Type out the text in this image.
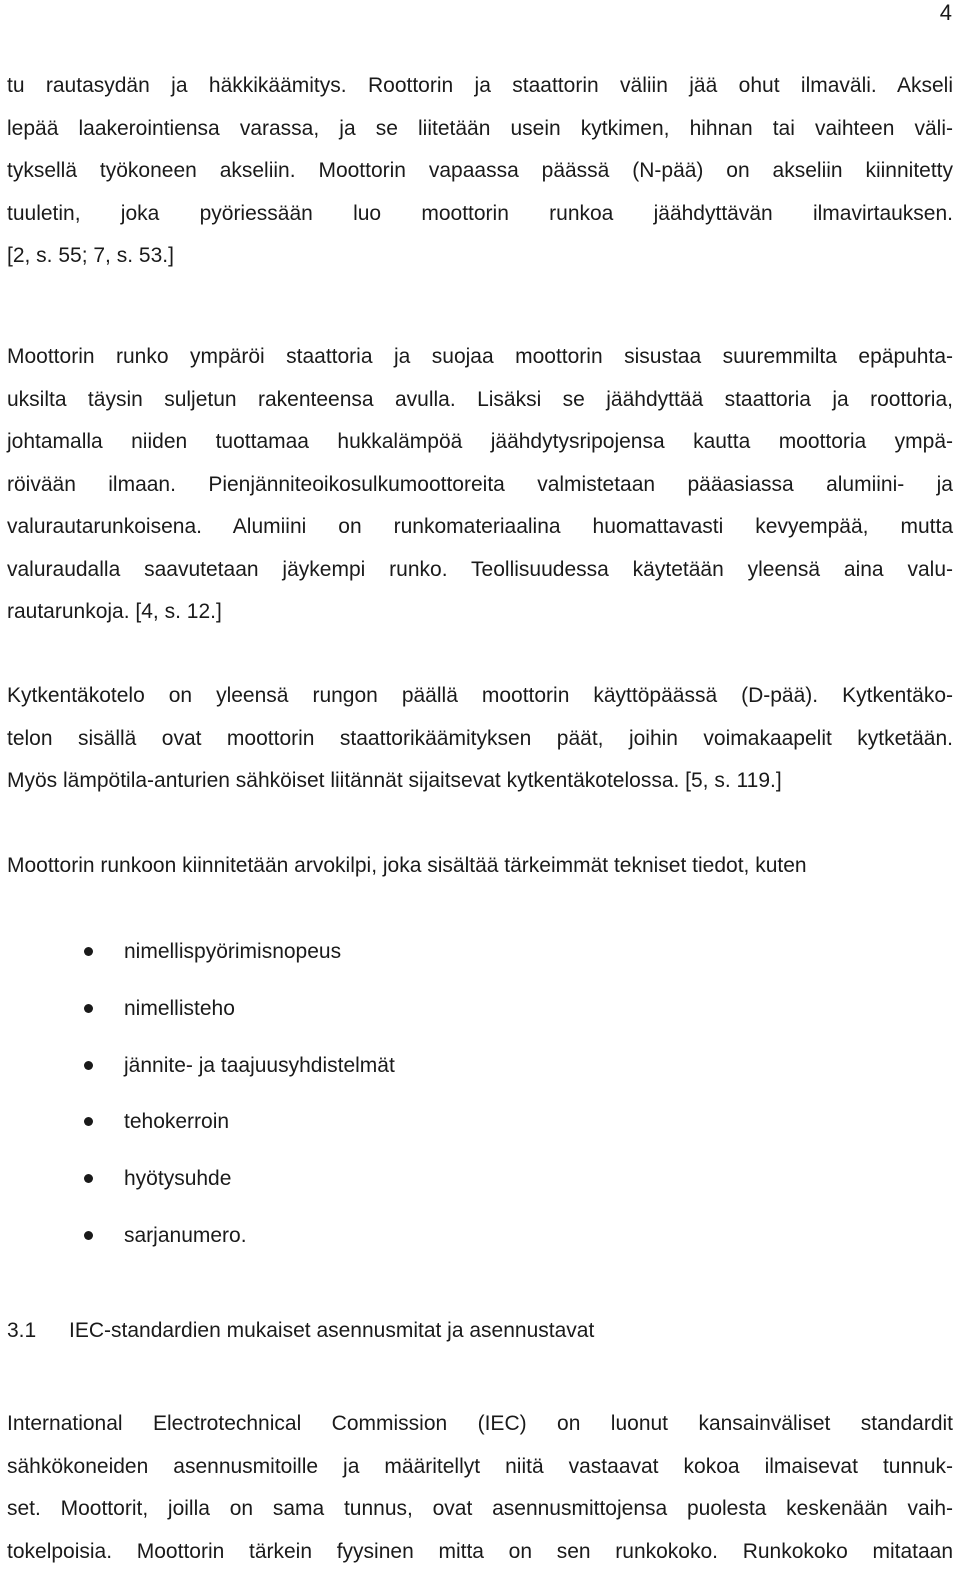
4
tu rautasydän ja häkkikäämitys. Roottorin ja staattorin väliin jää ohut ilmaväli. Akseli
lepää laakerointiensa varassa, ja se liitetään usein kytkimen, hihnan tai vaihteen väli-
tyksellä työkoneen akseliin. Moottorin vapaassa päässä (N-pää) on akseliin kiinnitetty
tuuletin, joka pyöriessään luo moottorin runkoa jäähdyttävän ilmavirtauksen.
[2, s. 55; 7, s. 53.]
Moottorin runko ympäröi staattoria ja suojaa moottorin sisustaa suuremmilta epäpuhta-
uksilta täysin suljetun rakenteensa avulla. Lisäksi se jäähdyttää staattoria ja roottoria,
johtamalla niiden tuottamaa hukkalämpöä jäähdytysripojensa kautta moottoria ympä-
röivään ilmaan. Pienjänniteoikosulkumoottoreita valmistetaan pääasiassa alumiini- ja
valurautarunkoisena. Alumiini on runkomateriaalina huomattavasti kevyempää, mutta
valuraudalla saavutetaan jäykempi runko. Teollisuudessa käytetään yleensä aina valu-
rautarunkoja. [4, s. 12.]
Kytkentäkotelo on yleensä rungon päällä moottorin käyttöpäässä (D-pää). Kytkentäko-
telon sisällä ovat moottorin staattorikäämityksen päät, joihin voimakaapelit kytketään.
Myös lämpötila-anturien sähköiset liitännät sijaitsevat kytkentäkotelossa. [5, s. 119.]
Moottorin runkoon kiinnitetään arvokilpi, joka sisältää tärkeimmät tekniset tiedot, kuten
nimellispyörimisnopeus
nimellisteho
jännite- ja taajuusyhdistelmät
tehokerroin
hyötysuhde
sarjanumero.
3.1 IEC-standardien mukaiset asennusmitat ja asennustavat
International Electrotechnical Commission (IEC) on luonut kansainväliset standardit
sähkökoneiden asennusmitoille ja määritellyt niitä vastaavat kokoa ilmaisevat tunnuk-
set. Moottorit, joilla on sama tunnus, ovat asennusmittojensa puolesta keskenään vaih-
tokelpoisia. Moottorin tärkein fyysinen mitta on sen runkokoko. Runkokoko mitataan
